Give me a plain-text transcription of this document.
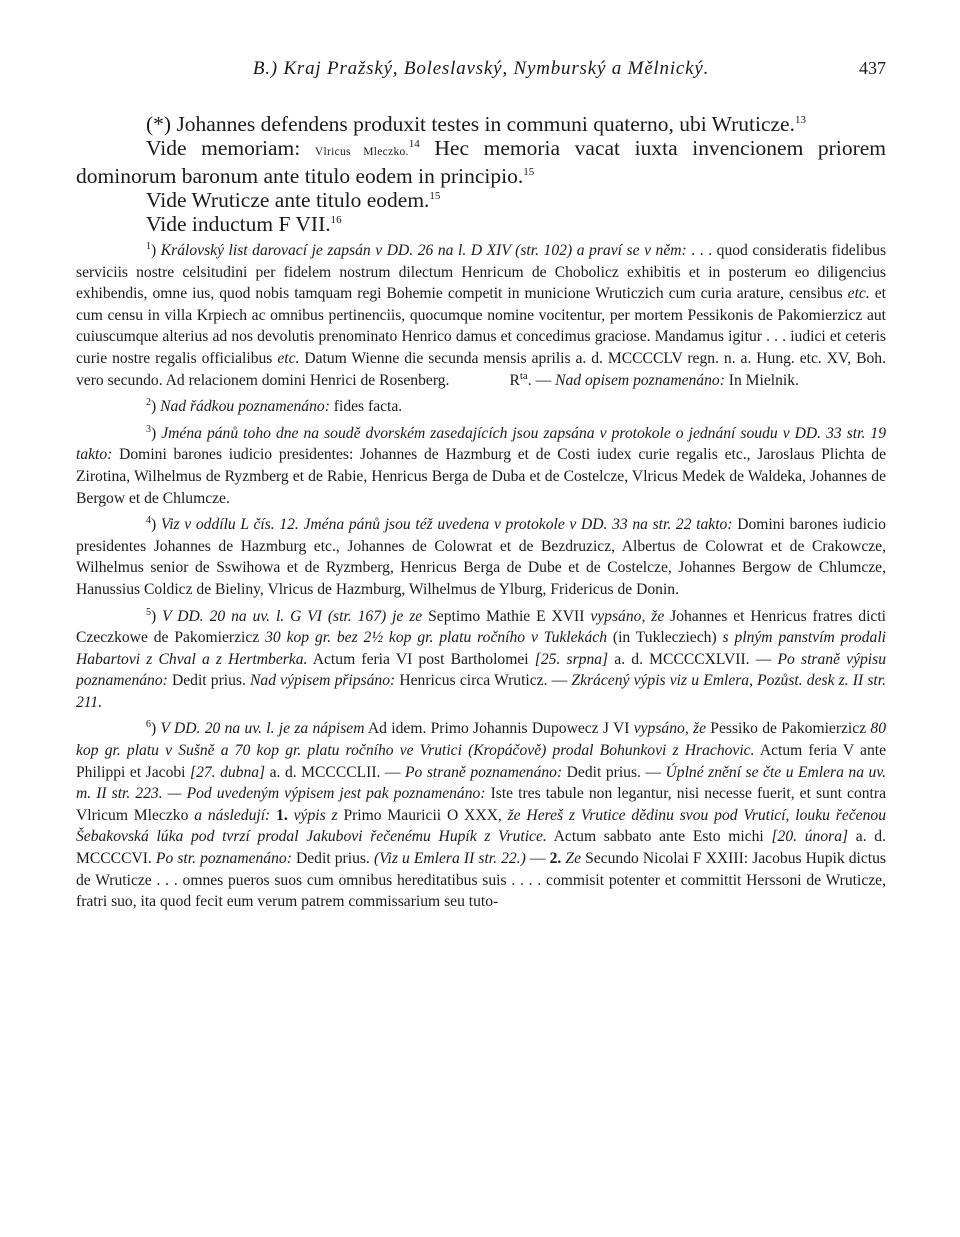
B.) Kraj Pražský, Boleslavský, Nymburský a Mělnický.	437

(*) Johannes defendens produxit testes in communi quaterno, ubi Wruticze.$^{13}$

Vide memoriam: Vlricus Mleczko.$^{14}$ Hec memoria vacat iuxta invencionem priorem dominorum baronum ante titulo eodem in principio.$^{15}$

Vide Wruticze ante titulo eodem.$^{15}$

Vide inductum F VII.$^{16}$

$^1$) Královský list darovací je zapsán v DD. 26 na l. D XIV (str. 102) a praví se v něm: . . . quod consideratis fidelibus serviciis nostre celsitudini per fidelem nostrum dilectum Henricum de Chobolicz exhibitis et in posterum eo diligencius exhibendis, omne ius, quod nobis tamquam regi Bohemie competit in municione Wruticzich cum curia arature, censibus etc. et cum censu in villa Krpiech ac omnibus pertinenciis, quocumque nomine vocitentur, per mortem Pessikonis de Pakomierzicz aut cuiuscumque alterius ad nos devolutis prenominato Henrico damus et concedimus graciose. Mandamus igitur . . . iudici et ceteris curie nostre regalis officialibus etc. Datum Wienne die secunda mensis aprilis a. d. MCCCCLV regn. n. a. Hung. etc. XV, Boh. vero secundo. Ad relacionem domini Henrici de Rosenberg.	$R^{ta}$. — Nad opisem poznamenáno: In Mielnik.

$^2$) Nad řádkou poznamenáno: fides facta.

$^3$) Jména pánů toho dne na soudě dvorském zasedajících jsou zapsána v protokole o jednání soudu v DD. 33 str. 19 takto: Domini barones iudicio presidentes: Johannes de Hazmburg et de Costi iudex curie regalis etc., Jaroslaus Plichta de Zirotina, Wilhelmus de Ryzmberg et de Rabie, Henricus Berga de Duba et de Costelcze, Vlricus Medek de Waldeka, Johannes de Bergow et de Chlumcze.

$^4$) Viz v oddílu L čís. 12. Jména pánů jsou též uvedena v protokole v DD. 33 na str. 22 takto: Domini barones iudicio presidentes Johannes de Hazmburg etc., Johannes de Colowrat et de Bezdruzicz, Albertus de Colowrat et de Crakowcze, Wilhelmus senior de Sswihowa et de Ryzmberg, Henricus Berga de Dube et de Costelcze, Johannes Bergow de Chlumcze, Hanussius Coldicz de Bieliny, Vlricus de Hazmburg, Wilhelmus de Ylburg, Fridericus de Donin.

$^5$) V DD. 20 na uv. l. G VI (str. 167) je ze Septimo Mathie E XVII vypsáno, že Johannes et Henricus fratres dicti Czeczkowe de Pakomierzicz 30 kop gr. bez 2½ kop gr. platu ročního v Tuklekách (in Tuklecziech) s plným panstvím prodali Habartovi z Chval a z Hertmberka. Actum feria VI post Bartholomei [25. srpna] a. d. MCCCCXLVII. — Po straně výpisu poznamenáno: Dedit prius. Nad výpisem připsáno: Henricus circa Wruticz. — Zkrácený výpis viz u Emlera, Pozůst. desk z. II str. 211.

$^6$) V DD. 20 na uv. l. je za nápisem Ad idem. Primo Johannis Dupowecz J VI vypsáno, že Pessiko de Pakomierzicz 80 kop gr. platu v Sušně a 70 kop gr. platu ročního ve Vrutici (Kropáčově) prodal Bohunkovi z Hrachovic. Actum feria V ante Philippi et Jacobi [27. dubna] a. d. MCCCCLII. — Po straně poznamenáno: Dedit prius. — Úplné znění se čte u Emlera na uv. m. II str. 223. — Pod uvedeným výpisem jest pak poznamenáno: Iste tres tabule non legantur, nisi necesse fuerit, et sunt contra Vlricum Mleczko a následují: 1. výpis z Primo Mauricii O XXX, že Hereš z Vrutice dědinu svou pod Vruticí, louku řečenou Šebakovská lúka pod tvrzí prodal Jakubovi řečenému Hupík z Vrutice. Actum sabbato ante Esto michi [20. února] a. d. MCCCCVI. Po str. poznamenáno: Dedit prius. (Viz u Emlera II str. 22.) — 2. Ze Secundo Nicolai F XXIII: Jacobus Hupik dictus de Wruticze . . . omnes pueros suos cum omnibus hereditatibus suis . . . . commisit potenter et committit Herssoni de Wruticze, fratri suo, ita quod fecit eum verum patrem commissarium seu tuto-
